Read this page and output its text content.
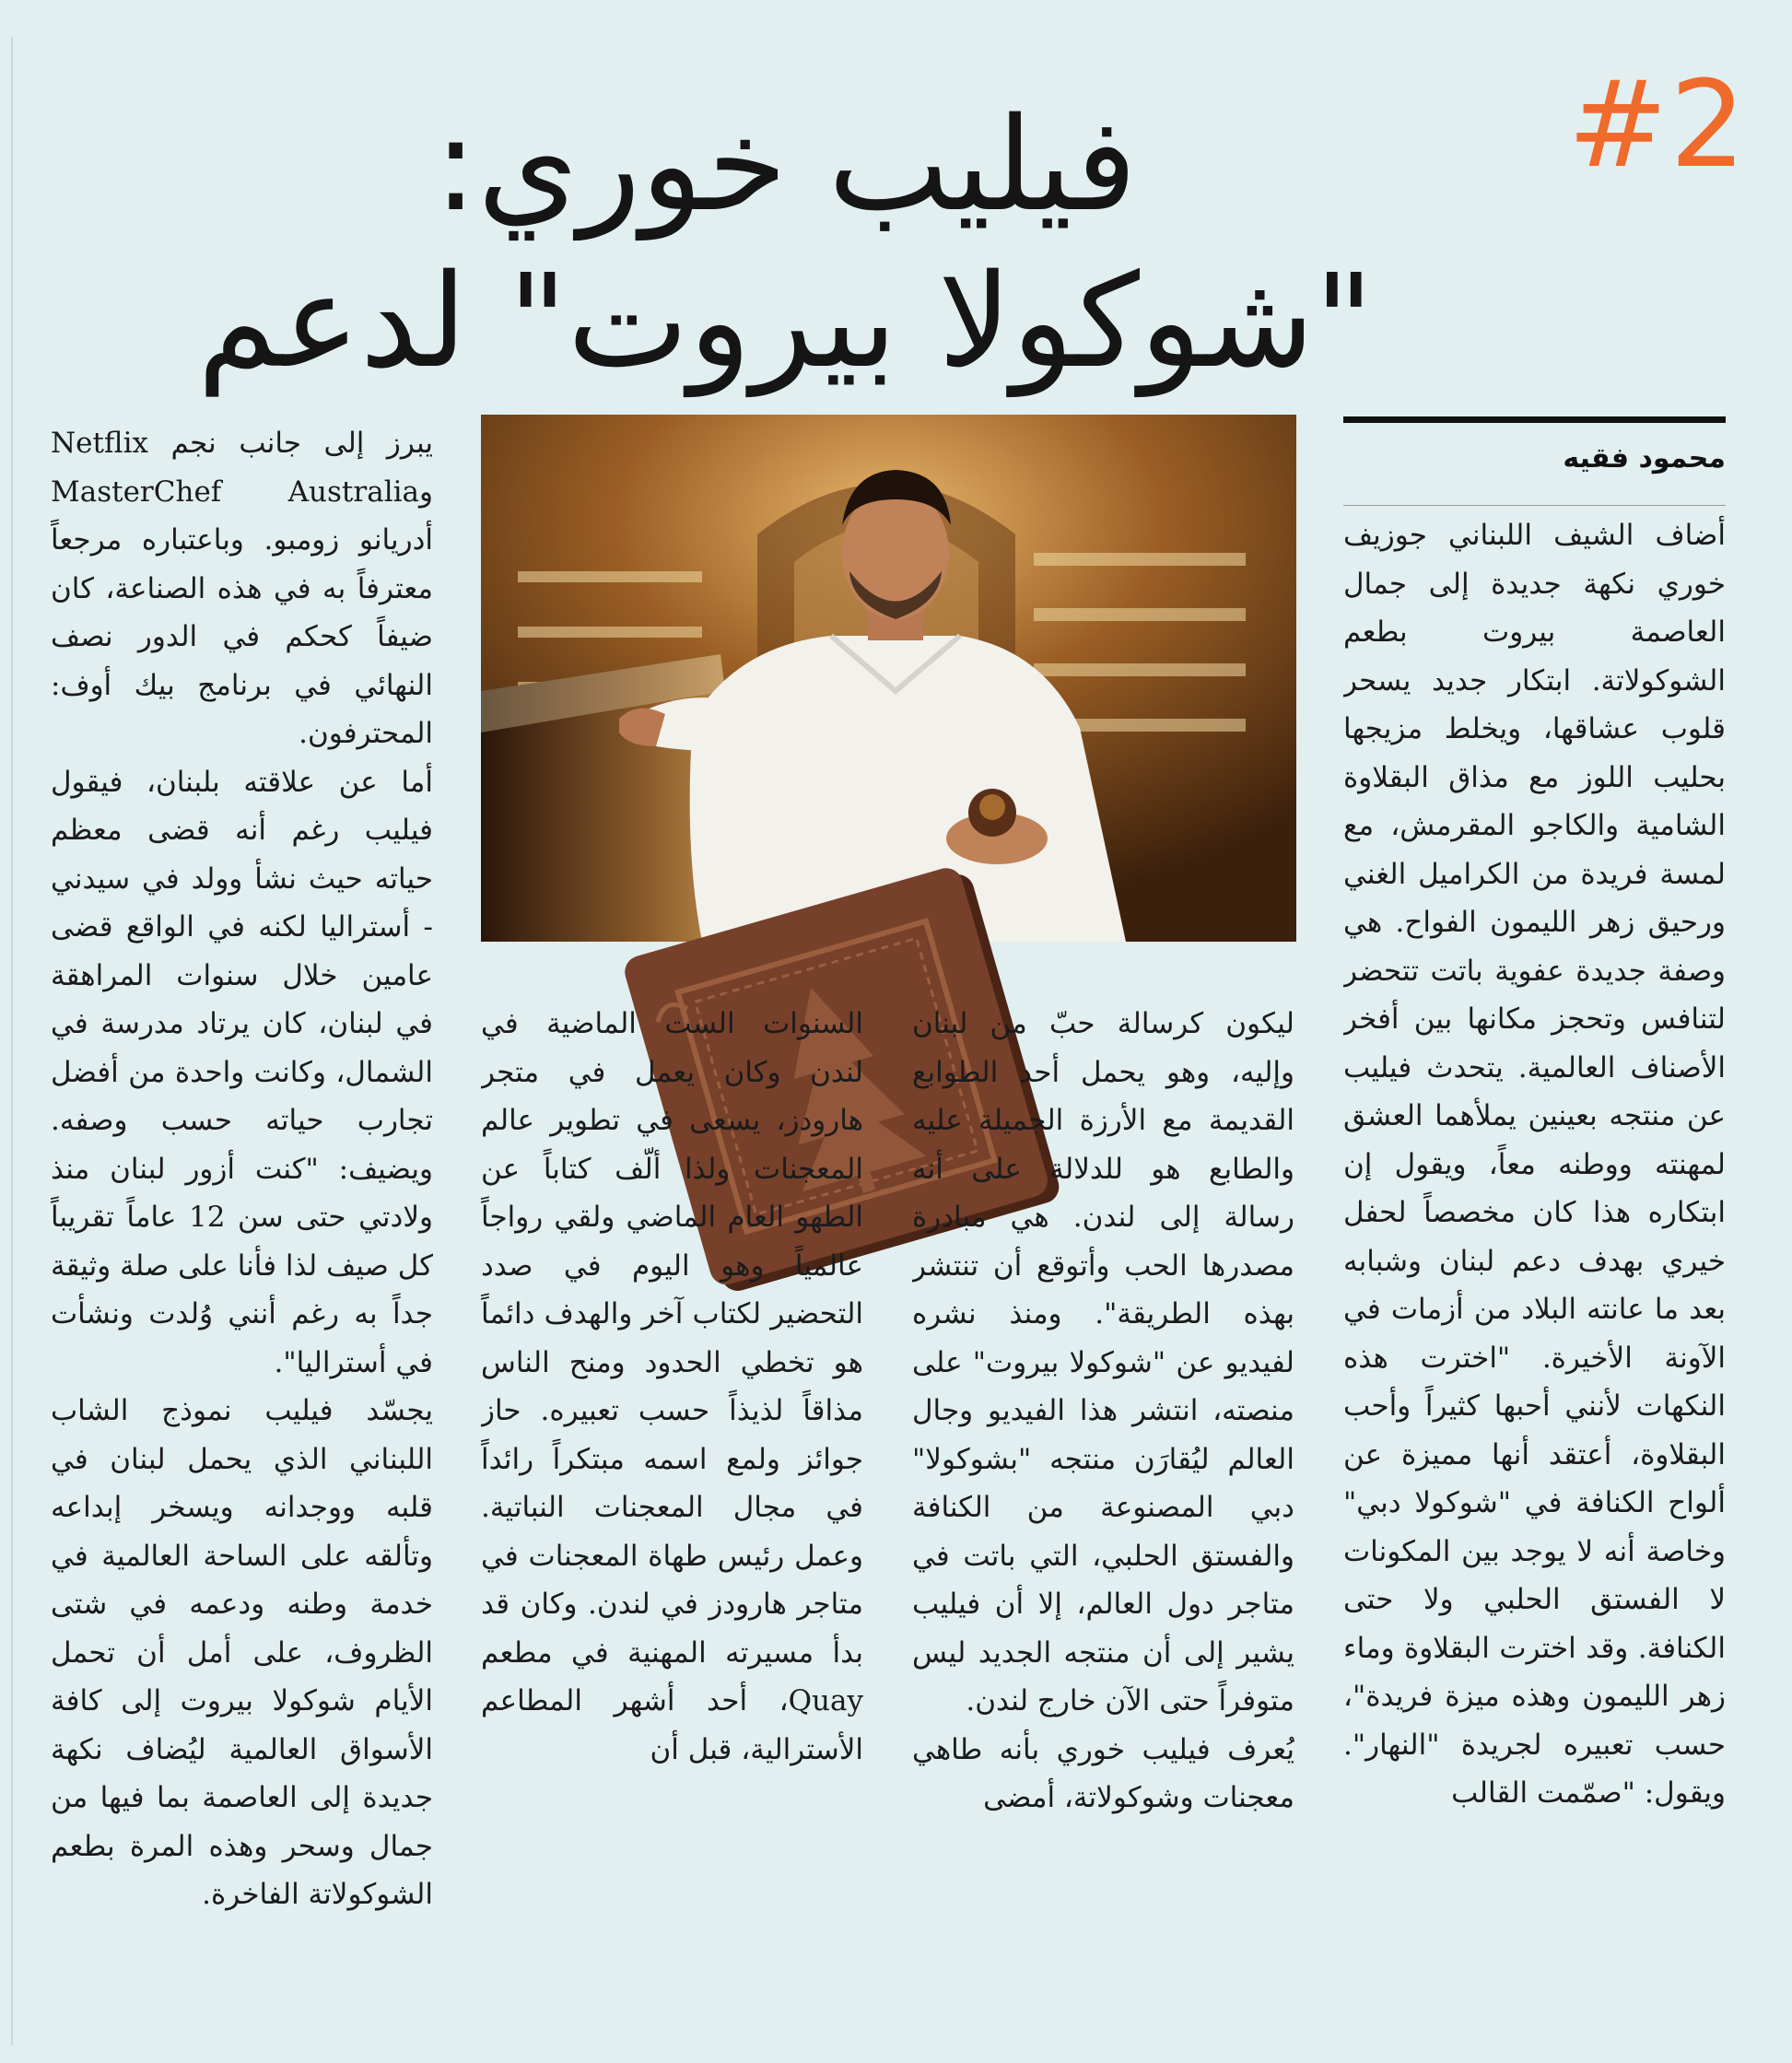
#2
فيليب خوري:
"شوكولا بيروت" لدعم
محمود فقيه

أضاف الشيف اللبناني جوزيف خوري نكهة جديدة إلى جمال العاصمة بيروت بطعم الشوكولاتة. ابتكار جديد يسحر قلوب عشاقها، ويخلط مزيجها بحليب اللوز مع مذاق البقلاوة الشامية والكاجو المقرمش، مع لمسة فريدة من الكراميل الغني ورحيق زهر الليمون الفواح. هي وصفة جديدة عفوية باتت تتحضر لتنافس وتحجز مكانها بين أفخر الأصناف العالمية. يتحدث فيليب عن منتجه بعينين يملأهما العشق لمهنته ووطنه معاً، ويقول إن ابتكاره هذا كان مخصصاً لحفل خيري بهدف دعم لبنان وشبابه بعد ما عانته البلاد من أزمات في الآونة الأخيرة. "اخترت هذه النكهات لأنني أحبها كثيراً وأحب البقلاوة، أعتقد أنها مميزة عن ألواح الكنافة في "شوكولا دبي" وخاصة أنه لا يوجد بين المكونات لا الفستق الحلبي ولا حتى الكنافة. وقد اخترت البقلاوة وماء زهر الليمون وهذه ميزة فريدة"، حسب تعبيره لجريدة "النهار". ويقول: "صمّمت القالب

ليكون كرسالة حبّ من لبنان وإليه، وهو يحمل أحد الطوابع القديمة مع الأرزة الجميلة عليه والطابع هو للدلالة على أنه رسالة إلى لندن. هي مبادرة مصدرها الحب وأتوقع أن تنتشر بهذه الطريقة". ومنذ نشره لفيديو عن "شوكولا بيروت" على منصته، انتشر هذا الفيديو وجال العالم ليُقارَن منتجه "بشوكولا" دبي المصنوعة من الكنافة والفستق الحلبي، التي باتت في متاجر دول العالم، إلا أن فيليب يشير إلى أن منتجه الجديد ليس متوفراً حتى الآن خارج لندن.
يُعرف فيليب خوري بأنه طاهي معجنات وشوكولاتة، أمضى

السنوات الست الماضية في لندن وكان يعمل في متجر هارودز، يسعى في تطوير عالم المعجنات ولذا ألّف كتاباً عن الطهو العام الماضي ولقي رواجاً عالمياً وهو اليوم في صدد التحضير لكتاب آخر والهدف دائماً هو تخطي الحدود ومنح الناس مذاقاً لذيذاً حسب تعبيره. حاز جوائز ولمع اسمه مبتكراً رائداً في مجال المعجنات النباتية. وعمل رئيس طهاة المعجنات في متاجر هارودز في لندن. وكان قد بدأ مسيرته المهنية في مطعم Quay، أحد أشهر المطاعم الأسترالية، قبل أن

يبرز إلى جانب نجم Netflix وMasterChef Australia أدريانو زومبو. وباعتباره مرجعاً معترفاً به في هذه الصناعة، كان ضيفاً كحكم في الدور نصف النهائي في برنامج بيك أوف: المحترفون.
أما عن علاقته بلبنان، فيقول فيليب رغم أنه قضى معظم حياته حيث نشأ وولد في سيدني - أستراليا لكنه في الواقع قضى عامين خلال سنوات المراهقة في لبنان، كان يرتاد مدرسة في الشمال، وكانت واحدة من أفضل تجارب حياته حسب وصفه. ويضيف: "كنت أزور لبنان منذ ولادتي حتى سن 12 عاماً تقريباً كل صيف لذا فأنا على صلة وثيقة جداً به رغم أنني وُلدت ونشأت في أستراليا".
يجسّد فيليب نموذج الشاب اللبناني الذي يحمل لبنان في قلبه ووجدانه ويسخر إبداعه وتألقه على الساحة العالمية في خدمة وطنه ودعمه في شتى الظروف، على أمل أن تحمل الأيام شوكولا بيروت إلى كافة الأسواق العالمية ليُضاف نكهة جديدة إلى العاصمة بما فيها من جمال وسحر وهذه المرة بطعم الشوكولاتة الفاخرة.
